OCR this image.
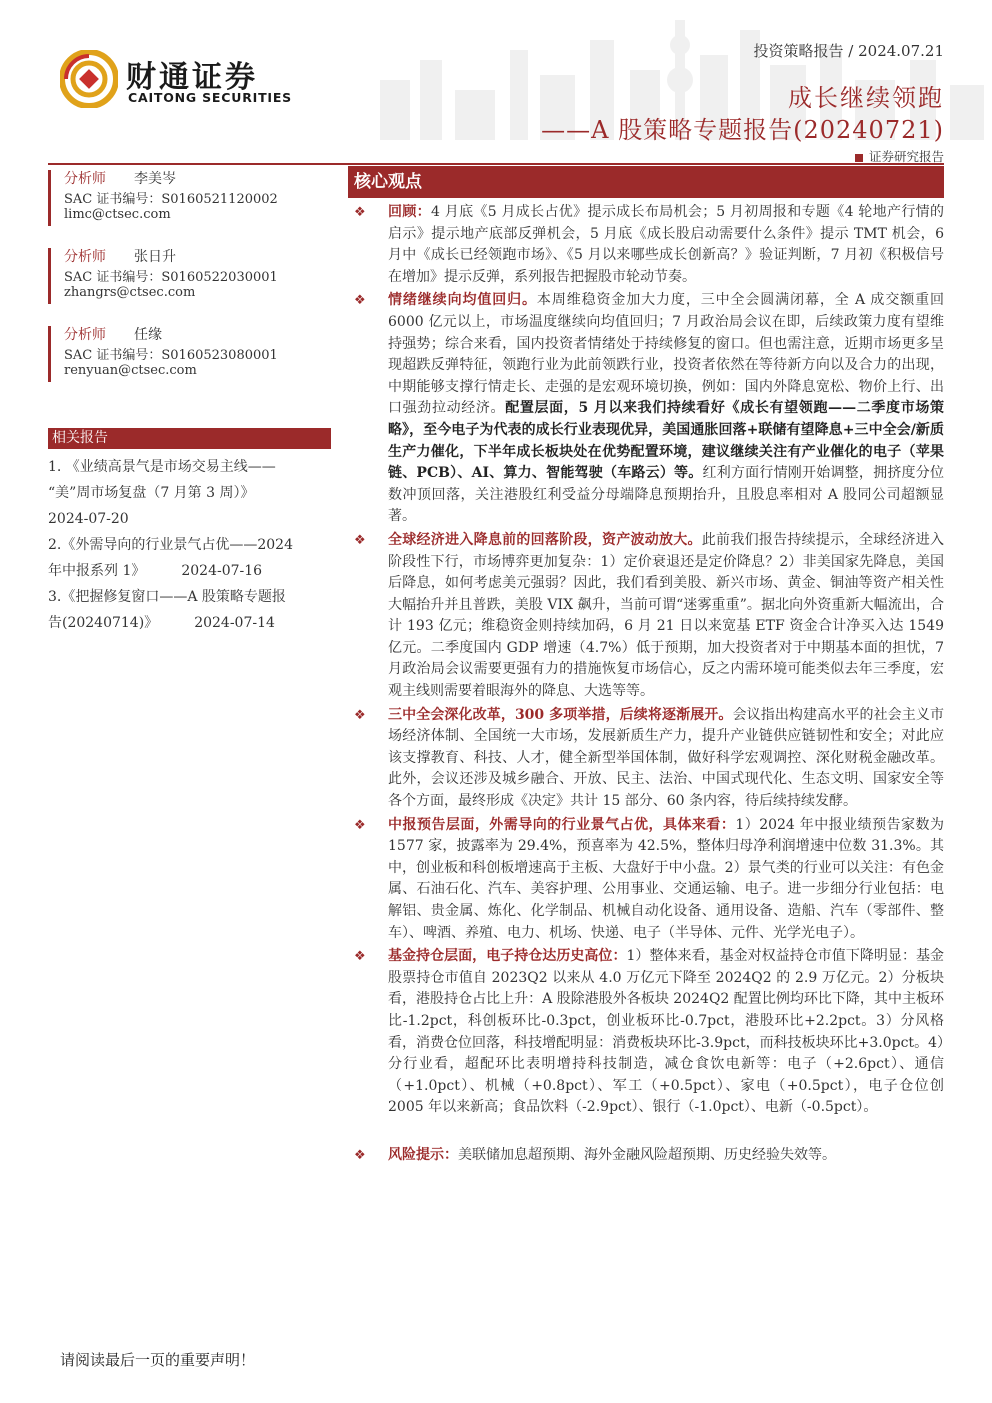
财通证券
CAITONG SECURITIES
投资策略报告 / 2024.07.21
成长继续领跑
——A 股策略专题报告(20240721)
证券研究报告
分析师 李美岑
SAC 证书编号：S0160521120002
limc@ctsec.com
分析师 张日升
SAC 证书编号：S0160522030001
zhangrs@ctsec.com
分析师 任缘
SAC 证书编号：S0160523080001
renyuan@ctsec.com
相关报告
1. 《业绩高景气是市场交易主线——
“美”周市场复盘（7 月第 3 周）》
2024-07-20
2.《外需导向的行业景气占优——2024
年中报系列 1》	2024-07-16
3.《把握修复窗口——A 股策略专题报
告(20240714)》	2024-07-14
核心观点
❖ 回顾：4 月底《5 月成长占优》提示成长布局机会；5 月初周报和专题《4 轮地产行情的启示》提示地产底部反弹机会，5 月底《成长股启动需要什么条件》提示 TMT 机会，6 月中《成长已经领跑市场》、《5 月以来哪些成长创新高？》验证判断，7 月初《积极信号在增加》提示反弹，系列报告把握股市轮动节奏。
❖ 情绪继续向均值回归。本周维稳资金加大力度，三中全会圆满闭幕，全 A 成交额重回 6000 亿元以上，市场温度继续向均值回归；7 月政治局会议在即，后续政策力度有望维持强势；综合来看，国内投资者情绪处于持续修复的窗口。但也需注意，近期市场更多呈现超跌反弹特征，领跑行业为此前领跌行业，投资者依然在等待新方向以及合力的出现，中期能够支撑行情走长、走强的是宏观环境切换，例如：国内外降息宽松、物价上行、出口强劲拉动经济。配置层面，5 月以来我们持续看好《成长有望领跑——二季度市场策略》，至今电子为代表的成长行业表现优异，美国通胀回落+联储有望降息+三中全会/新质生产力催化，下半年成长板块处在优势配置环境，建议继续关注有产业催化的电子（苹果链、PCB）、AI、算力、智能驾驶（车路云）等。红利方面行情刚开始调整，拥挤度分位数冲顶回落，关注港股红利受益分母端降息预期抬升，且股息率相对 A 股同公司超额显著。
❖ 全球经济进入降息前的回落阶段，资产波动放大。此前我们报告持续提示，全球经济进入阶段性下行，市场博弈更加复杂：1）定价衰退还是定价降息？2）非美国家先降息，美国后降息，如何考虑美元强弱？因此，我们看到美股、新兴市场、黄金、铜油等资产相关性大幅抬升并且普跌，美股 VIX 飙升，当前可谓“迷雾重重”。据北向外资重新大幅流出，合计 193 亿元；维稳资金则持续加码，6 月 21 日以来宽基 ETF 资金合计净买入达 1549 亿元。二季度国内 GDP 增速（4.7%）低于预期，加大投资者对于中期基本面的担忧，7 月政治局会议需要更强有力的措施恢复市场信心，反之内需环境可能类似去年三季度，宏观主线则需要着眼海外的降息、大选等等。
❖ 三中全会深化改革，300 多项举措，后续将逐渐展开。会议指出构建高水平的社会主义市场经济体制、全国统一大市场，发展新质生产力，提升产业链供应链韧性和安全；对此应该支撑教育、科技、人才，健全新型举国体制，做好科学宏观调控、深化财税金融改革。此外，会议还涉及城乡融合、开放、民主、法治、中国式现代化、生态文明、国家安全等各个方面，最终形成《决定》共计 15 部分、60 条内容，待后续持续发酵。
❖ 中报预告层面，外需导向的行业景气占优，具体来看：1）2024 年中报业绩预告家数为 1577 家，披露率为 29.4%，预喜率为 42.5%，整体归母净利润增速中位数 31.3%。其中，创业板和科创板增速高于主板、大盘好于中小盘。2）景气类的行业可以关注：有色金属、石油石化、汽车、美容护理、公用事业、交通运输、电子。进一步细分行业包括：电解铝、贵金属、炼化、化学制品、机械自动化设备、通用设备、造船、汽车（零部件、整车）、啤酒、养殖、电力、机场、快递、电子（半导体、元件、光学光电子）。
❖ 基金持仓层面，电子持仓达历史高位：1）整体来看，基金对权益持仓市值下降明显：基金股票持仓市值自 2023Q2 以来从 4.0 万亿元下降至 2024Q2 的 2.9 万亿元。2）分板块看，港股持仓占比上升：A 股除港股外各板块 2024Q2 配置比例均环比下降，其中主板环比-1.2pct，科创板环比-0.3pct，创业板环比-0.7pct，港股环比+2.2pct。3）分风格看，消费仓位回落，科技增配明显：消费板块环比-3.9pct，而科技板块环比+3.0pct。4）分行业看，超配环比表明增持科技制造，减仓食饮电新等：电子（+2.6pct）、通信（+1.0pct）、机械（+0.8pct）、军工（+0.5pct）、家电（+0.5pct），电子仓位创 2005 年以来新高；食品饮料（-2.9pct）、银行（-1.0pct）、电新（-0.5pct）。
❖ 风险提示：美联储加息超预期、海外金融风险超预期、历史经验失效等。
请阅读最后一页的重要声明！
